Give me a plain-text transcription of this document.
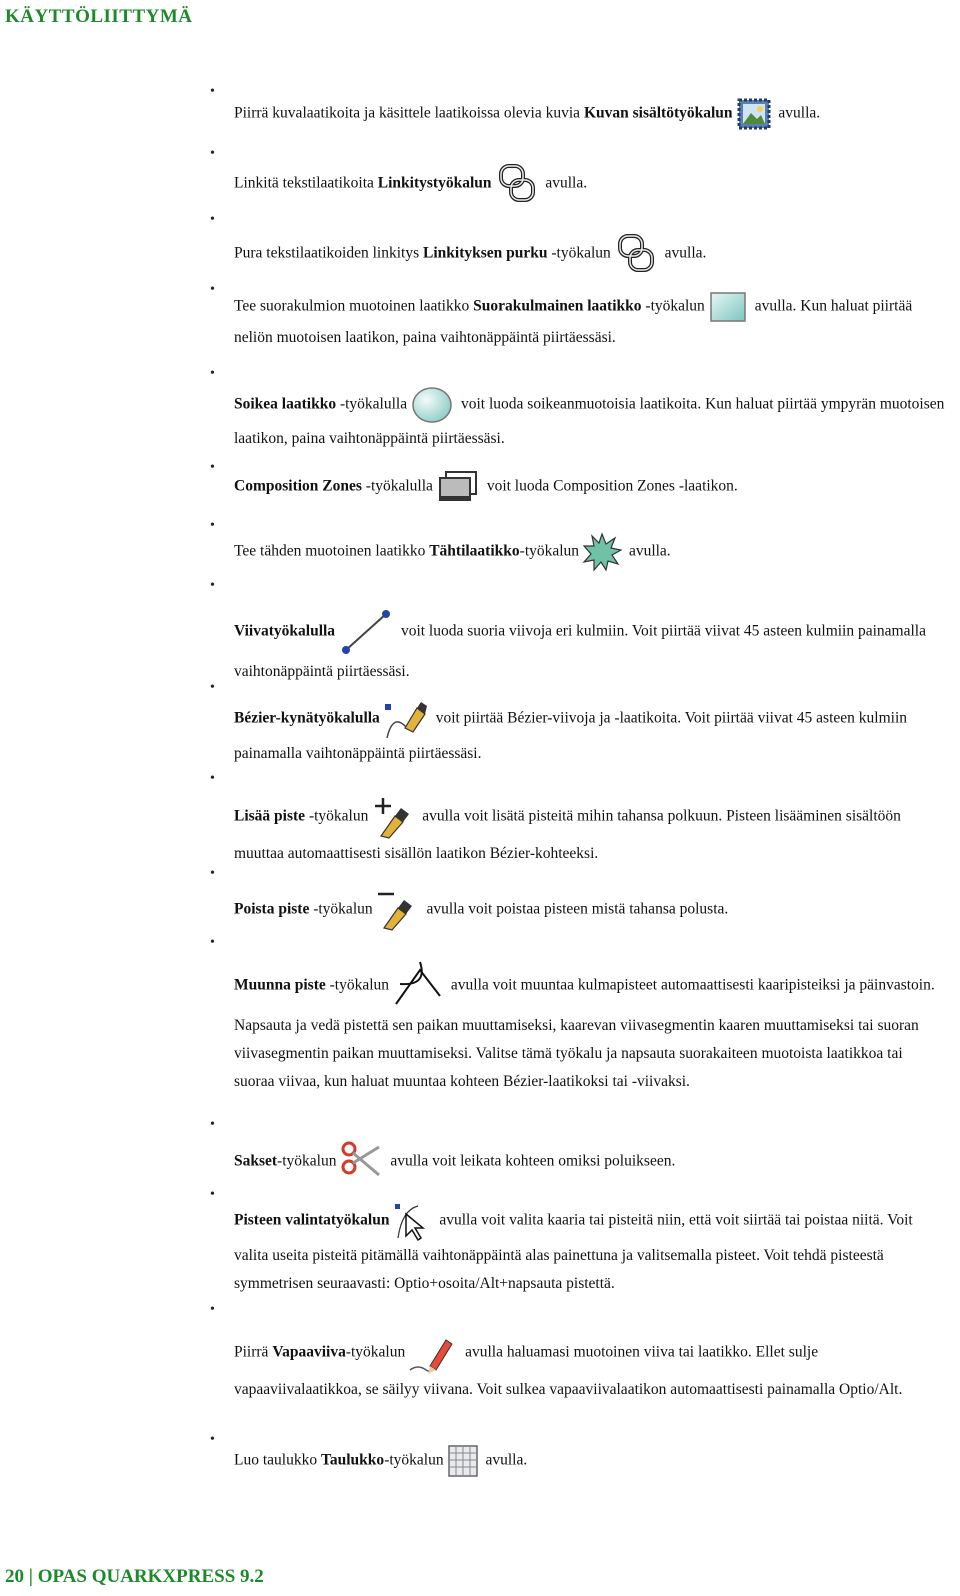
KÄYTTÖLIITTYMÄ
•
Piirrä kuvalaatikoita ja käsittele laatikoissa olevia kuvia Kuvan sisältötyökalun	avulla.
•
Linkitä tekstilaatikoita Linkitystyökalun	avulla.
•
Pura tekstilaatikoiden linkitys Linkityksen purku -työkalun	avulla.
•
Tee suorakulmion muotoinen laatikko Suorakulmainen laatikko -työkalun	avulla. Kun haluat piirtää neliön muotoisen laatikon, paina vaihtonäppäintä piirtäessäsi.
•
Soikea laatikko -työkalulla	voit luoda soikeanmuotoisia laatikoita. Kun haluat piirtää ympyrän muotoisen laatikon, paina vaihtonäppäintä piirtäessäsi.
•
Composition Zones -työkalulla	voit luoda Composition Zones -laatikon.
•
Tee tähden muotoinen laatikko Tähtilaatikko-työkalun	avulla.
•
Viivatyökalulla	voit luoda suoria viivoja eri kulmiin. Voit piirtää viivat 45 asteen kulmiin painamalla vaihtonäppäintä piirtäessäsi.
•
Bézier-kynätyökalulla	voit piirtää Bézier-viivoja ja -laatikoita. Voit piirtää viivat 45 asteen kulmiin painamalla vaihtonäppäintä piirtäessäsi.
•
Lisää piste -työkalun	avulla voit lisätä pisteitä mihin tahansa polkuun. Pisteen lisääminen sisältöön muuttaa automaattisesti sisällön laatikon Bézier-kohteeksi.
•
Poista piste -työkalun	avulla voit poistaa pisteen mistä tahansa polusta.
•
Muunna piste -työkalun	avulla voit muuntaa kulmapisteet automaattisesti kaaripisteiksi ja päinvastoin. Napsauta ja vedä pistettä sen paikan muuttamiseksi, kaarevan viivasegmentin kaaren muuttamiseksi tai suoran viivasegmentin paikan muuttamiseksi. Valitse tämä työkalu ja napsauta suorakaiteen muotoista laatikkoa tai suoraa viivaa, kun haluat muuntaa kohteen Bézier-laatikoksi tai -viivaksi.
•
Sakset-työkalun	avulla voit leikata kohteen omiksi poluikseen.
•
Pisteen valintatyökalun	avulla voit valita kaaria tai pisteitä niin, että voit siirtää tai poistaa niitä. Voit valita useita pisteitä pitämällä vaihtonäppäintä alas painettuna ja valitsemalla pisteet. Voit tehdä pisteestä symmetrisen seuraavasti: Optio+osoita/Alt+napsauta pistettä.
•
Piirrä Vapaaviiva-työkalun	avulla haluamasi muotoinen viiva tai laatikko. Ellet sulje vapaaviivalaatikkoa, se säilyy viivana. Voit sulkea vapaaviivalaatikon automaattisesti painamalla Optio/Alt.
•
Luo taulukko Taulukko-työkalun avulla.
20 | OPAS QUARKXPRESS 9.2
